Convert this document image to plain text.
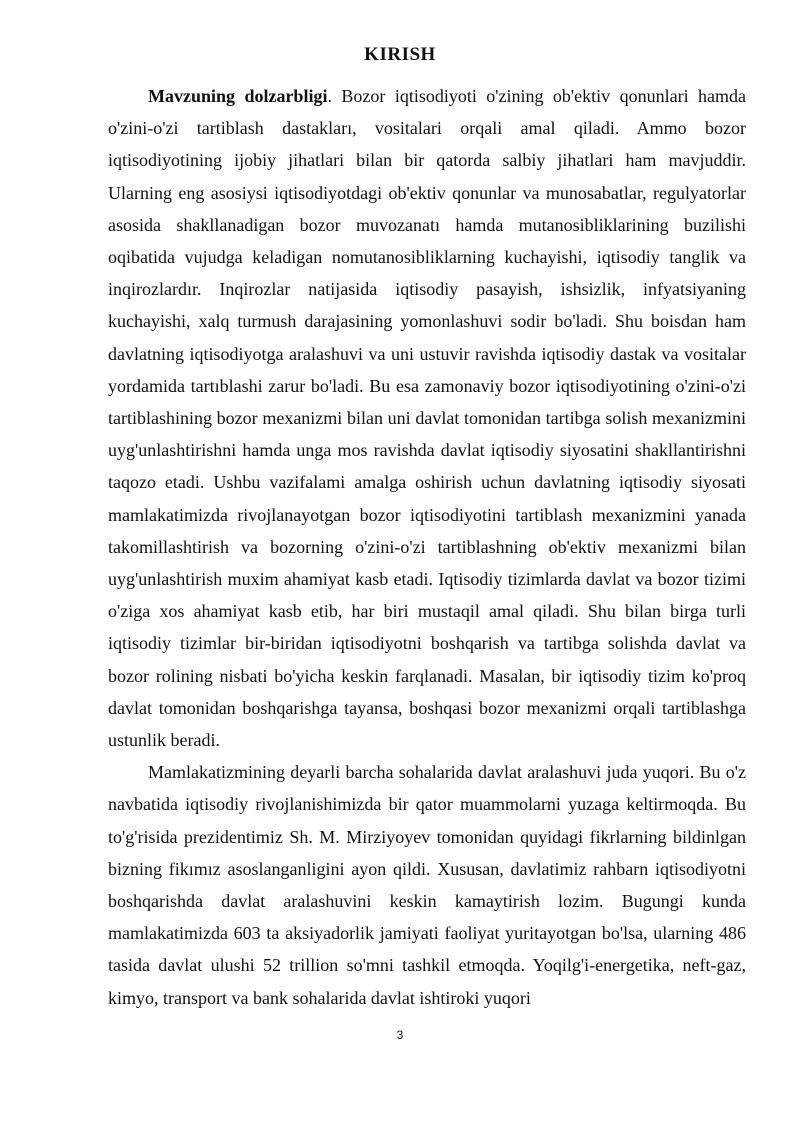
KIRISH

Mavzuning dolzarbligi. Bozor iqtisodiyoti o'zining ob'ektiv qonunlari hamda o'zini-o'zi tartiblash dastakları, vositalari orqali amal qiladi. Ammo bozor iqtisodiyotining ijobiy jihatlari bilan bir qatorda salbiy jihatlari ham mavjuddir. Ularning eng asosiysi iqtisodiyotdagi ob'ektiv qonunlar va munosabatlar, regulyatorlar asosida shakllanadigan bozor muvozanatı hamda mutanosibliklarining buzilishi oqibatida vujudga keladigan nomutanosibliklarning kuchayishi, iqtisodiy tanglik va inqirozlardır. Inqirozlar natijasida iqtisodiy pasayish, ishsizlik, infyatsiyaning kuchayishi, xalq turmush darajasining yomonlashuvi sodir bo'ladi. Shu boisdan ham davlatning iqtisodiyotga aralashuvi va uni ustuvir ravishda iqtisodiy dastak va vositalar yordamida tartıblashi zarur bo'ladi. Bu esa zamonaviy bozor iqtisodiyotining o'zini-o'zi tartiblashining bozor mexanizmi bilan uni davlat tomonidan tartibga solish mexanizmini uyg'unlashtirishni hamda unga mos ravishda davlat iqtisodiy siyosatini shakllantirishni taqozo etadi. Ushbu vazifalami amalga oshirish uchun davlatning iqtisodiy siyosati mamlakatimizda rivojlanayotgan bozor iqtisodiyotini tartiblash mexanizmini yanada takomillashtirish va bozorning o'zini-o'zi tartiblashning ob'ektiv mexanizmi bilan uyg'unlashtirish muxim ahamiyat kasb etadi. Iqtisodiy tizimlarda davlat va bozor tizimi o'ziga xos ahamiyat kasb etib, har biri mustaqil amal qiladi. Shu bilan birga turli iqtisodiy tizimlar bir-biridan iqtisodiyotni boshqarish va tartibga solishda davlat va bozor rolining nisbati bo'yicha keskin farqlanadi. Masalan, bir iqtisodiy tizim ko'proq davlat tomonidan boshqarishga tayansa, boshqasi bozor mexanizmi orqali tartiblashga ustunlik beradi.

Mamlakatizmining deyarli barcha sohalarida davlat aralashuvi juda yuqori. Bu o'z navbatida iqtisodiy rivojlanishimizda bir qator muammolarni yuzaga keltirmoqda. Bu to'g'risida prezidentimiz Sh. M. Mirziyoyev tomonidan quyidagi fikrlarning bildinlgan bizning fikımız asoslanganligini ayon qildi. Xususan, davlatimiz rahbarn iqtisodiyotni boshqarishda davlat aralashuvini keskin kamaytirish lozim. Bugungi kunda mamlakatimizda 603 ta aksiyadorlik jamiyati faoliyat yuritayotgan bo'lsa, ularning 486 tasida davlat ulushi 52 trillion so'mni tashkil etmoqda. Yoqilg'i-energetika, neft-gaz, kimyo, transport va bank sohalarida davlat ishtiroki yuqori

3
